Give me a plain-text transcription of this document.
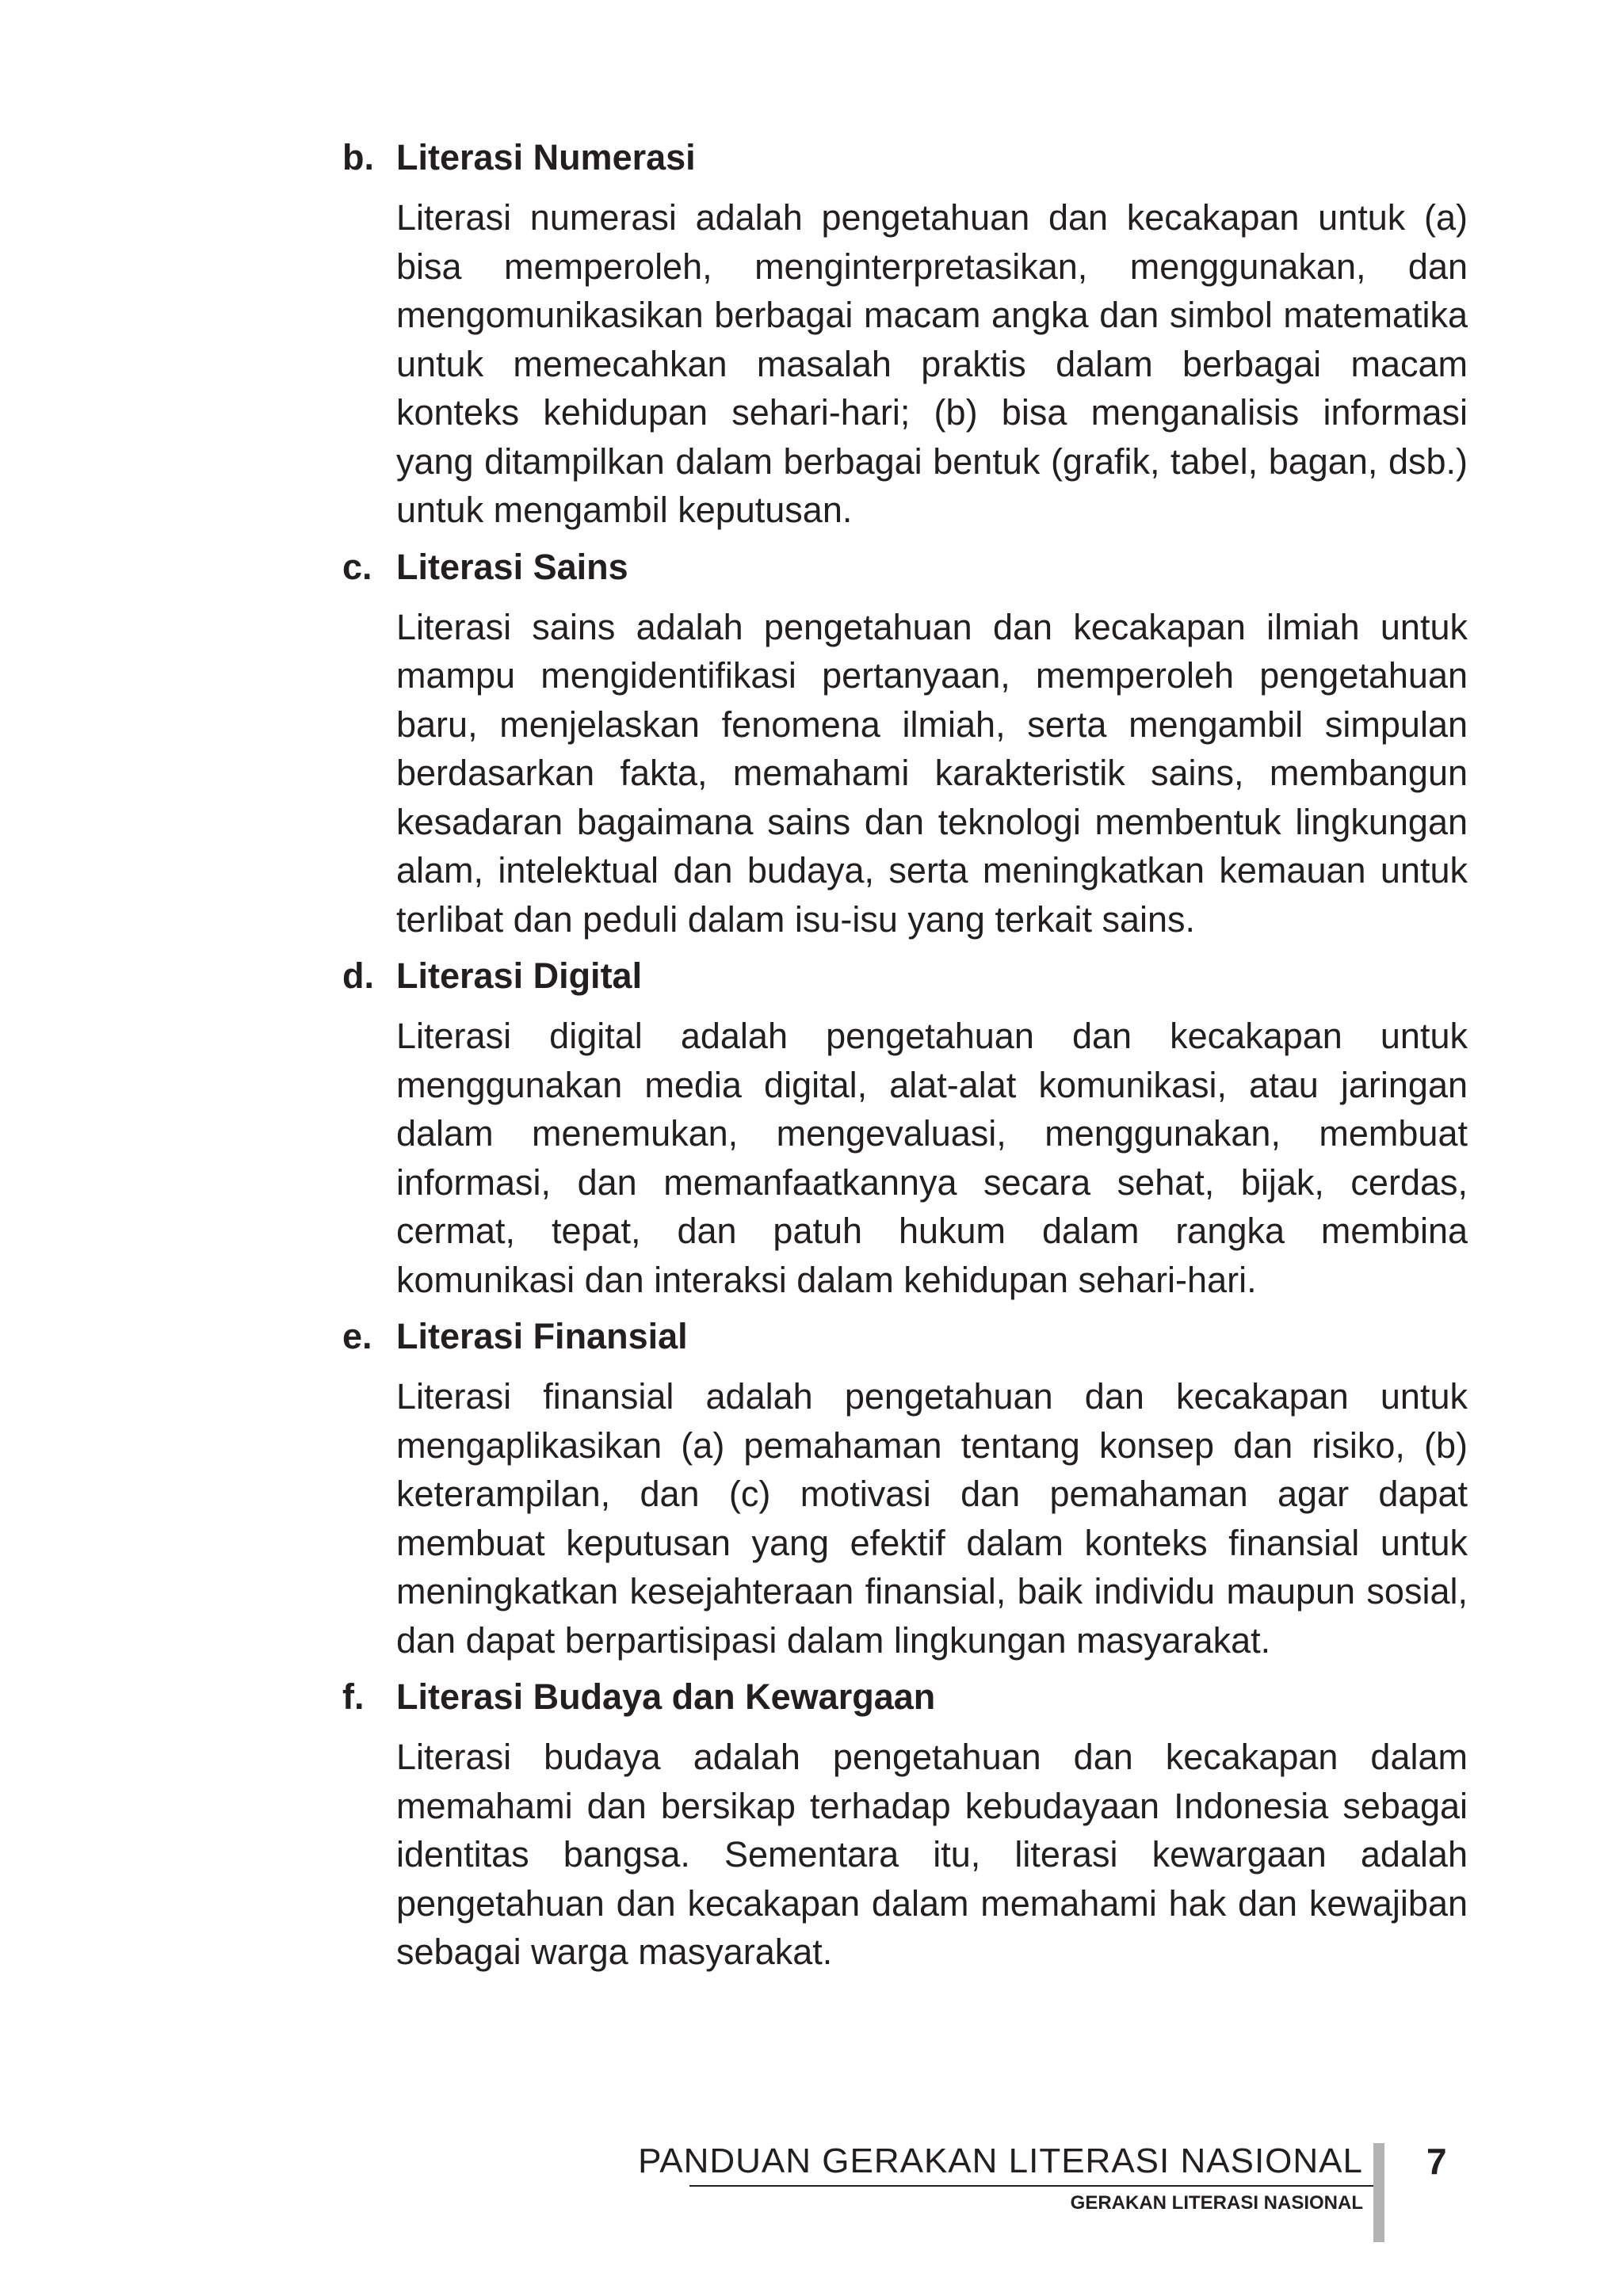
b. Literasi Numerasi
Literasi numerasi adalah pengetahuan dan kecakapan untuk (a) bisa memperoleh, menginterpretasikan, menggunakan, dan mengomunikasikan berbagai macam angka dan simbol matematika untuk memecahkan masalah praktis dalam berbagai macam konteks kehidupan sehari-hari; (b) bisa menganalisis informasi yang ditampilkan dalam berbagai bentuk (grafik, tabel, bagan, dsb.) untuk mengambil keputusan.
c. Literasi Sains
Literasi sains adalah pengetahuan dan kecakapan ilmiah untuk mampu mengidentifikasi pertanyaan, memperoleh pengetahuan baru, menjelaskan fenomena ilmiah, serta mengambil simpulan berdasarkan fakta, memahami karakteristik sains, membangun kesadaran bagaimana sains dan teknologi membentuk lingkungan alam, intelektual dan budaya, serta meningkatkan kemauan untuk terlibat dan peduli dalam isu-isu yang terkait sains.
d. Literasi Digital
Literasi digital adalah pengetahuan dan kecakapan untuk menggunakan media digital, alat-alat komunikasi, atau jaringan dalam menemukan, mengevaluasi, menggunakan, membuat informasi, dan memanfaatkannya secara sehat, bijak, cerdas, cermat, tepat, dan patuh hukum dalam rangka membina komunikasi dan interaksi dalam kehidupan sehari-hari.
e. Literasi Finansial
Literasi finansial adalah pengetahuan dan kecakapan untuk mengaplikasikan (a) pemahaman tentang konsep dan risiko, (b) keterampilan, dan (c) motivasi dan pemahaman agar dapat membuat keputusan yang efektif dalam konteks finansial untuk meningkatkan kesejahteraan finansial, baik individu maupun sosial, dan dapat berpartisipasi dalam lingkungan masyarakat.
f. Literasi Budaya dan Kewargaan
Literasi budaya adalah pengetahuan dan kecakapan dalam memahami dan bersikap terhadap kebudayaan Indonesia sebagai identitas bangsa. Sementara itu, literasi kewargaan adalah pengetahuan dan kecakapan dalam memahami hak dan kewajiban sebagai warga masyarakat.
PANDUAN GERAKAN LITERASI NASIONAL
GERAKAN LITERASI NASIONAL
7
